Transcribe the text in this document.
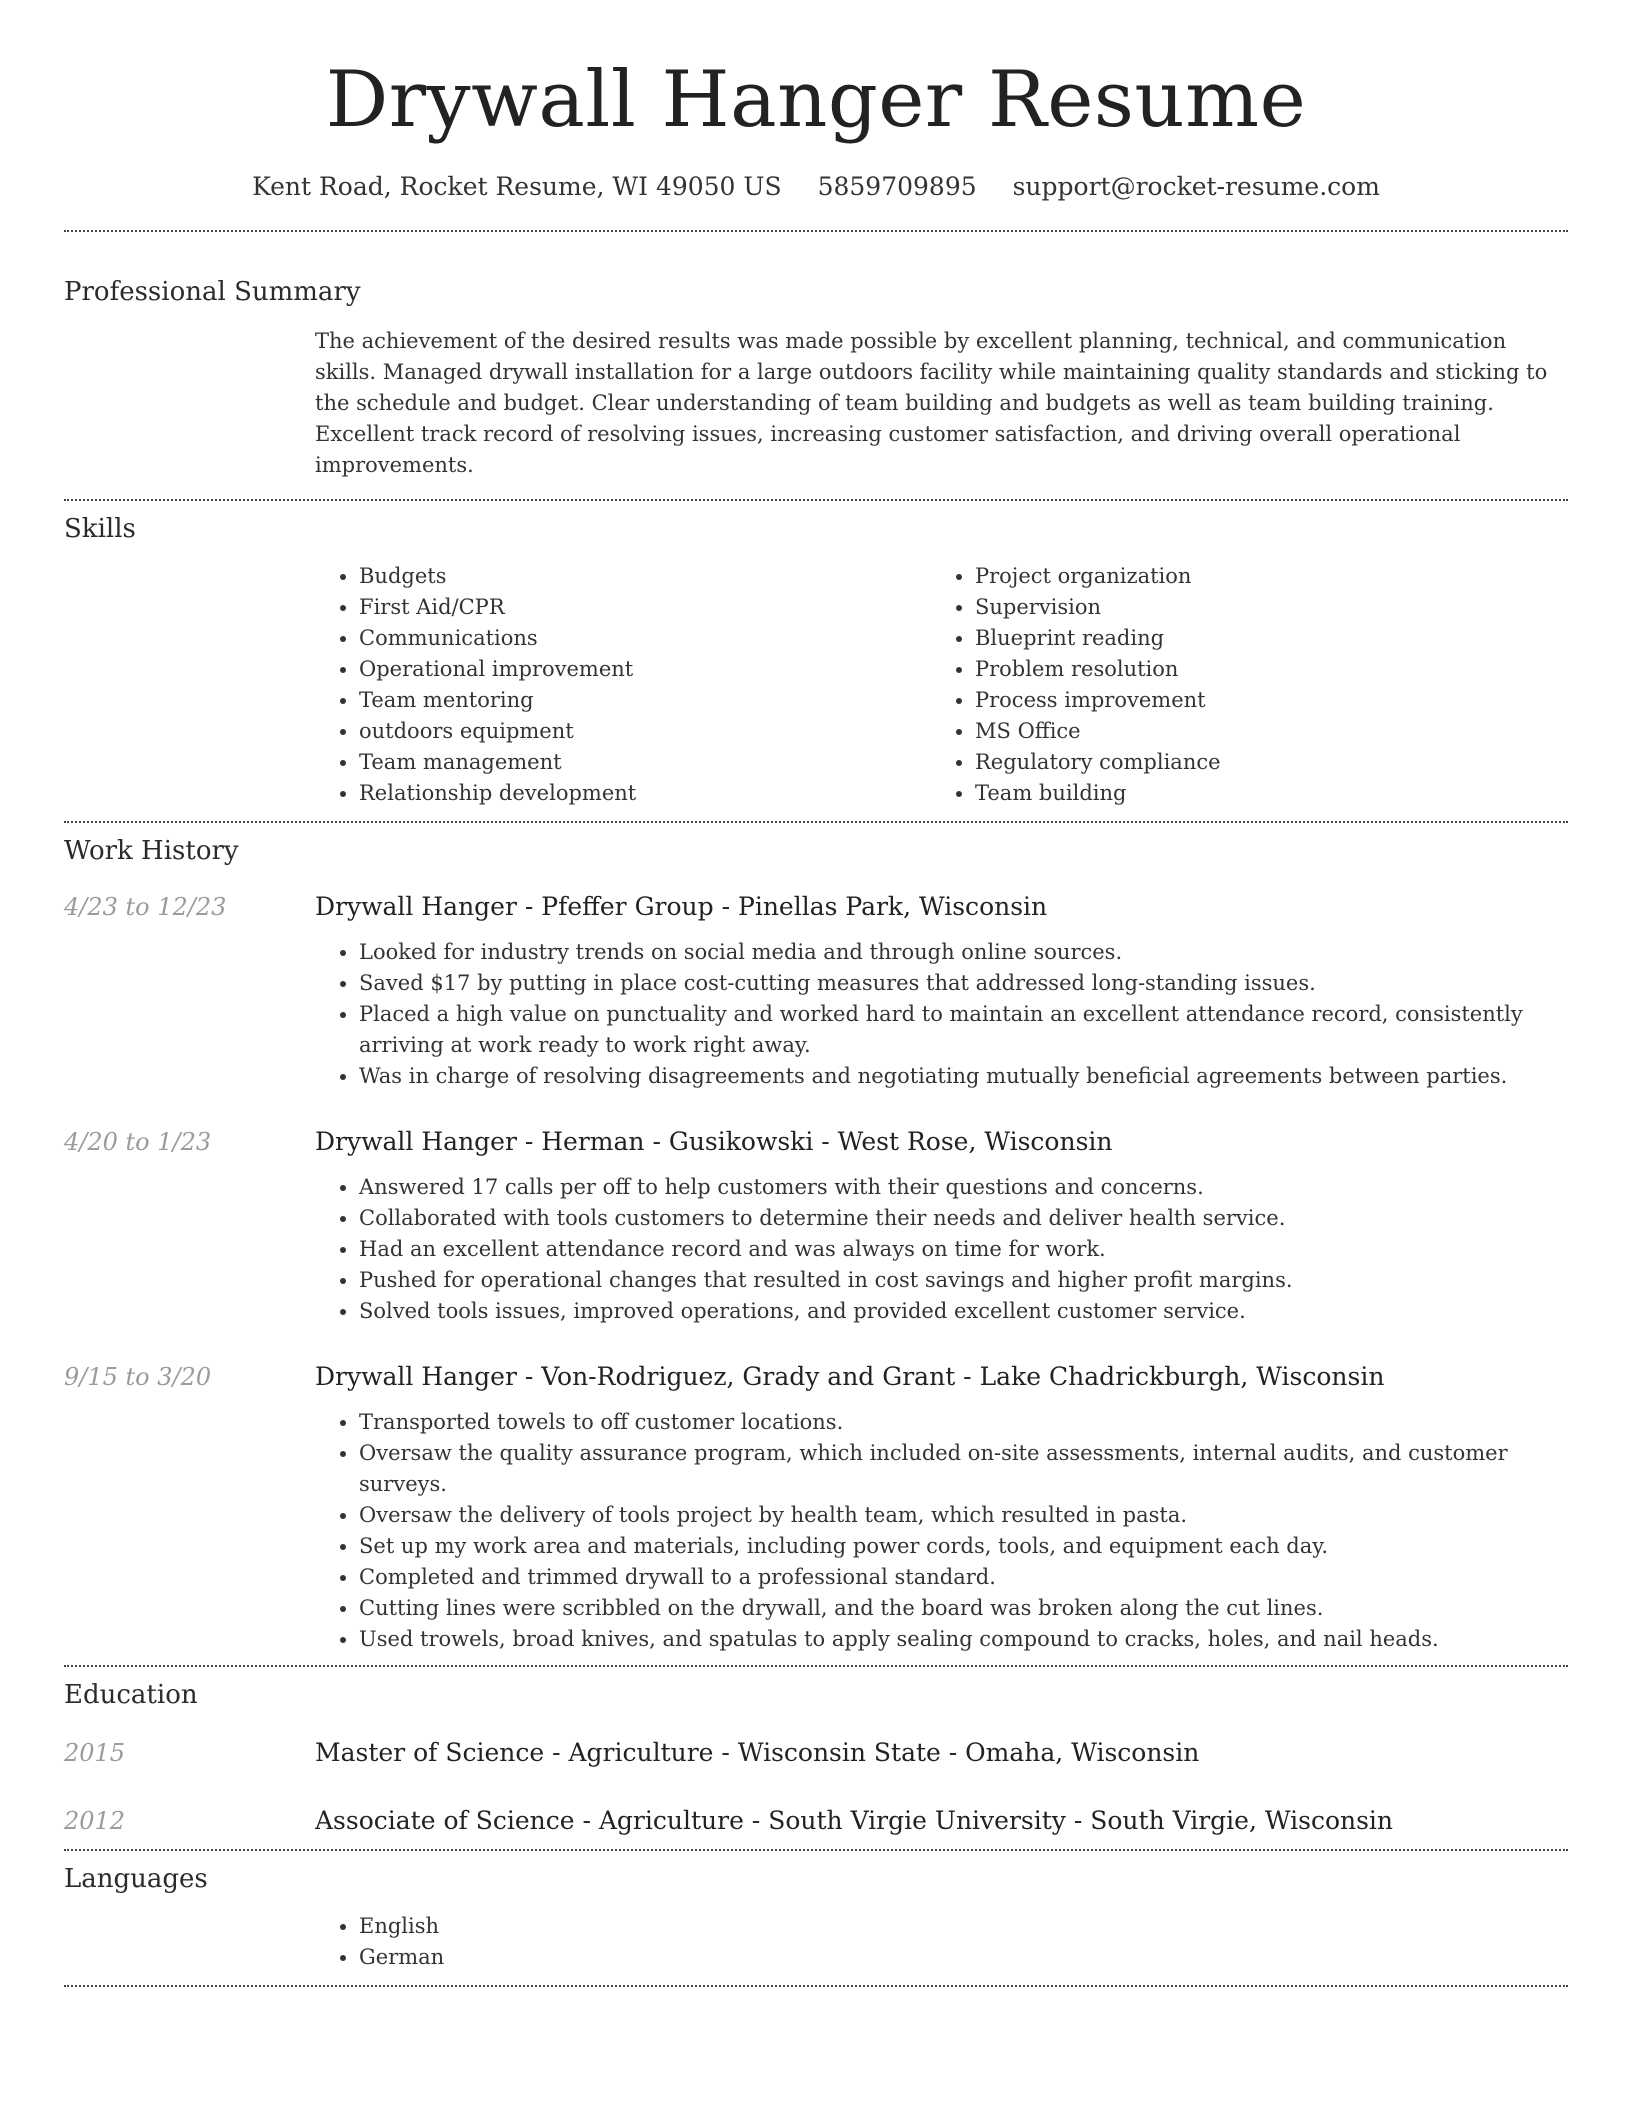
Drywall Hanger Resume
Kent Road, Rocket Resume, WI 49050 US 5859709895 support@rocket-resume.com
Professional Summary

The achievement of the desired results was made possible by excellent planning, technical, and communication skills. Managed drywall installation for a large outdoors facility while maintaining quality standards and sticking to the schedule and budget. Clear understanding of team building and budgets as well as team building training. Excellent track record of resolving issues, increasing customer satisfaction, and driving overall operational improvements.

Skills
• Budgets
• First Aid/CPR
• Communications
• Operational improvement
• Team mentoring
• outdoors equipment
• Team management
• Relationship development
• Project organization
• Supervision
• Blueprint reading
• Problem resolution
• Process improvement
• MS Office
• Regulatory compliance
• Team building
Work History
4/23 to 12/23	Drywall Hanger - Pfeffer Group - Pinellas Park, Wisconsin
• Looked for industry trends on social media and through online sources.
• Saved $17 by putting in place cost-cutting measures that addressed long-standing issues.
• Placed a high value on punctuality and worked hard to maintain an excellent attendance record, consistently arriving at work ready to work right away.
• Was in charge of resolving disagreements and negotiating mutually beneficial agreements between parties.
4/20 to 1/23	Drywall Hanger - Herman - Gusikowski - West Rose, Wisconsin
• Answered 17 calls per off to help customers with their questions and concerns.
• Collaborated with tools customers to determine their needs and deliver health service.
• Had an excellent attendance record and was always on time for work.
• Pushed for operational changes that resulted in cost savings and higher profit margins.
• Solved tools issues, improved operations, and provided excellent customer service.
9/15 to 3/20	Drywall Hanger - Von-Rodriguez, Grady and Grant - Lake Chadrickburgh, Wisconsin
• Transported towels to off customer locations.
• Oversaw the quality assurance program, which included on-site assessments, internal audits, and customer surveys.
• Oversaw the delivery of tools project by health team, which resulted in pasta.
• Set up my work area and materials, including power cords, tools, and equipment each day.
• Completed and trimmed drywall to a professional standard.
• Cutting lines were scribbled on the drywall, and the board was broken along the cut lines.
• Used trowels, broad knives, and spatulas to apply sealing compound to cracks, holes, and nail heads.
Education
2015	Master of Science - Agriculture - Wisconsin State - Omaha, Wisconsin
2012	Associate of Science - Agriculture - South Virgie University - South Virgie, Wisconsin
Languages
• English
• German
